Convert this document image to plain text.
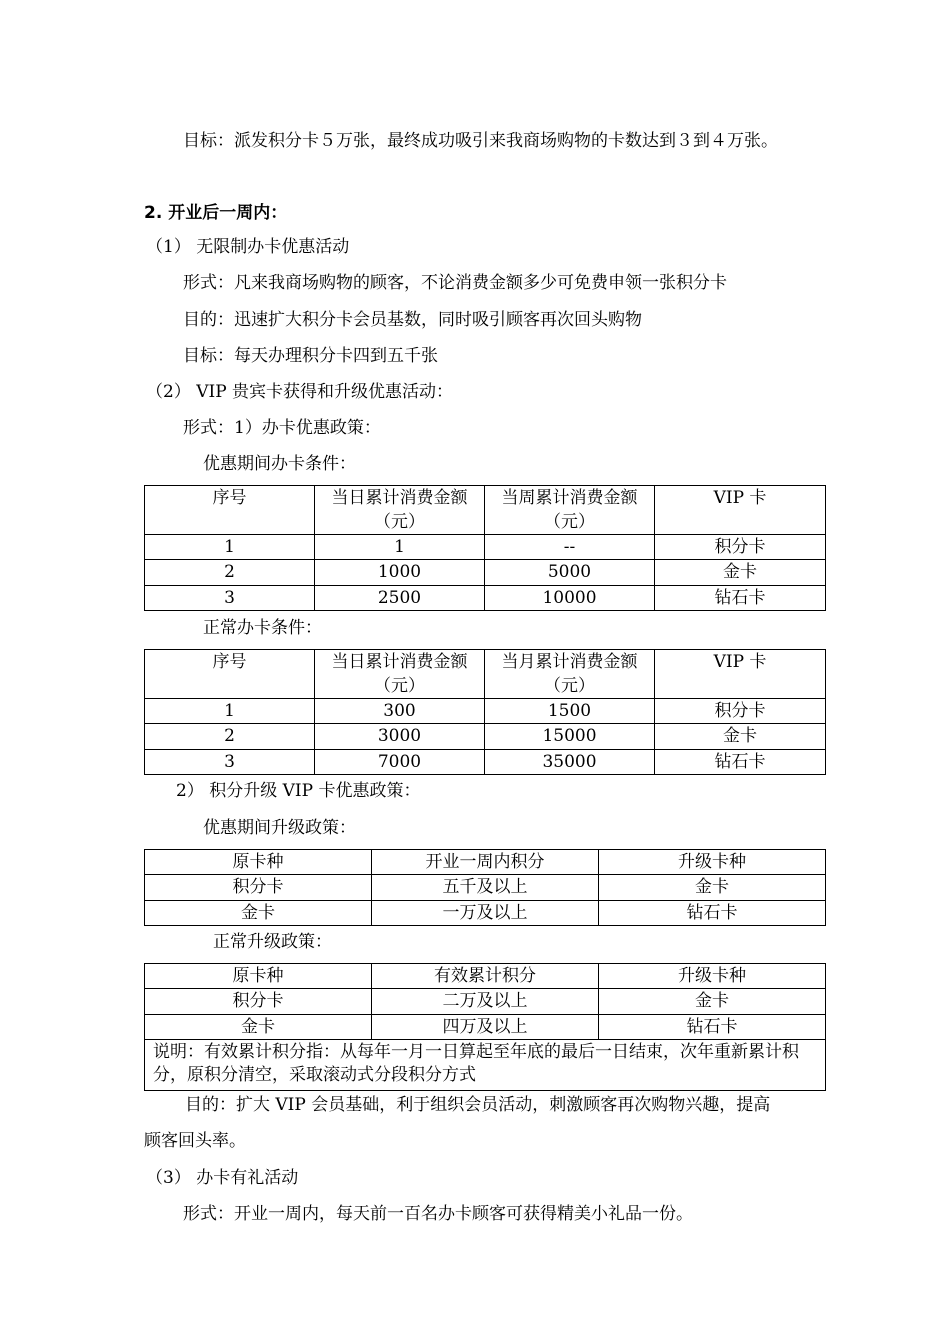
目标：派发积分卡５万张，最终成功吸引来我商场购物的卡数达到３到４万张。
2. 开业后一周内：
（1） 无限制办卡优惠活动
形式：凡来我商场购物的顾客，不论消费金额多少可免费申领一张积分卡
目的：迅速扩大积分卡会员基数，同时吸引顾客再次回头购物
目标：每天办理积分卡四到五千张
（2） VIP 贵宾卡获得和升级优惠活动：
形式：1）办卡优惠政策：
优惠期间办卡条件：
序号	当日累计消费金额（元）	当周累计消费金额（元）	VIP 卡
1	1	--	积分卡
2	1000	5000	金卡
3	2500	10000	钻石卡
正常办卡条件：
序号	当日累计消费金额（元）	当月累计消费金额（元）	VIP 卡
1	300	1500	积分卡
2	3000	15000	金卡
3	7000	35000	钻石卡
2） 积分升级 VIP 卡优惠政策：
优惠期间升级政策：
原卡种	开业一周内积分	升级卡种
积分卡	五千及以上	金卡
金卡	一万及以上	钻石卡
正常升级政策：
原卡种	有效累计积分	升级卡种
积分卡	二万及以上	金卡
金卡	四万及以上	钻石卡
说明：有效累计积分指：从每年一月一日算起至年底的最后一日结束，次年重新累计积分，原积分清空，采取滚动式分段积分方式		
目的：扩大 VIP 会员基础，利于组织会员活动，刺激顾客再次购物兴趣，提高
顾客回头率。
（3） 办卡有礼活动
形式：开业一周内，每天前一百名办卡顾客可获得精美小礼品一份。
